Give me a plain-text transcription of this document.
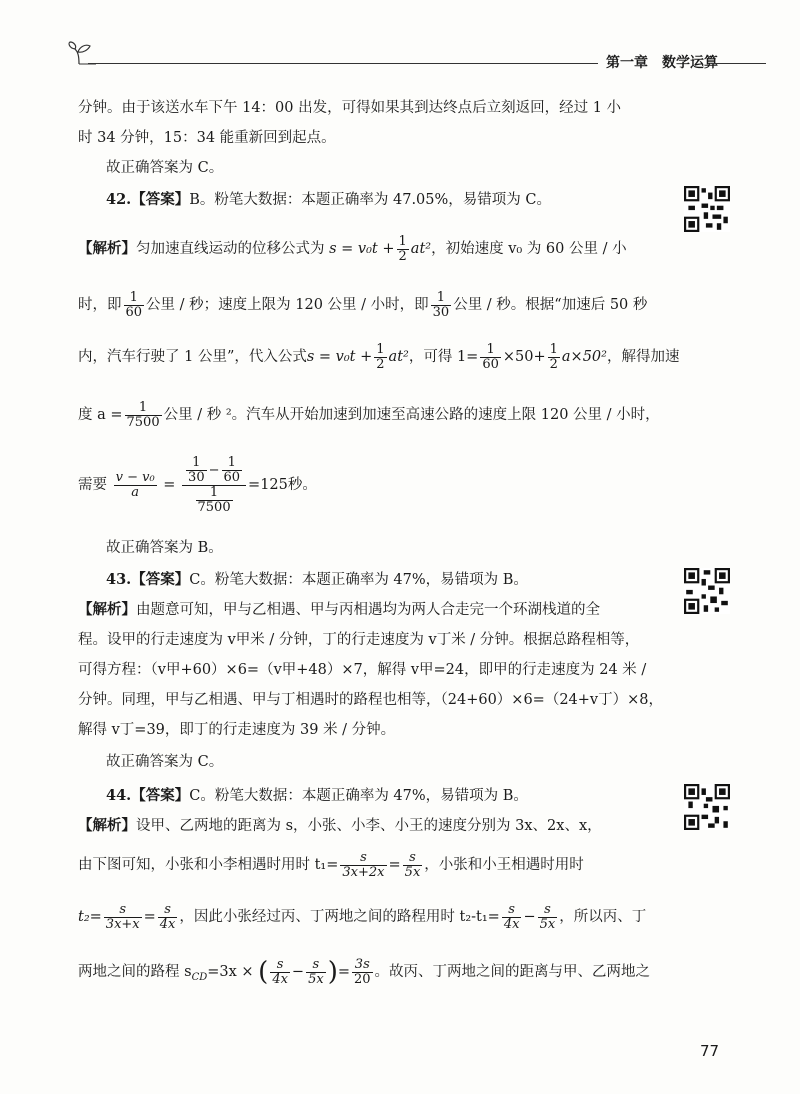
第一章　数学运算
分钟。由于该送水车下午 14：00 出发，可得如果其到达终点后立刻返回，经过 1 小
时 34 分钟，15：34 能重新回到起点。
故正确答案为 C。
42.【答案】B。粉笔大数据：本题正确率为 47.05%，易错项为 C。
【解析】匀加速直线运动的位移公式为 $s = v_0t + \frac{1}{2} at^2$，初始速度 v₀ 为 60 公里 / 小
时，即 $\frac{1}{60}$ 公里 / 秒；速度上限为 120 公里 / 小时，即 $\frac{1}{30}$ 公里 / 秒。根据“加速后 50 秒
内，汽车行驶了 1 公里”，代入公式$s = v_0t + \frac{1}{2} at^2$，可得 $1= \frac{1}{60} \times 50+ \frac{1}{2} a\times 50^2$，解得加速
度 $a = \frac{1}{7500}$ 公里 / 秒 ²。汽车从开始加速到加速至高速公路的速度上限 120 公里 / 小时，
需要 $\frac{\text{v − v₀}}{a} = \frac{\frac{1}{30} - \frac{1}{60}}{\frac{1}{7500}} =125$秒。
故正确答案为 B。
43.【答案】C。粉笔大数据：本题正确率为 47%，易错项为 B。
【解析】由题意可知，甲与乙相遇、甲与丙相遇均为两人合走完一个环湖栈道的全
程。设甲的行走速度为 v甲米 / 分钟，丁的行走速度为 v丁米 / 分钟。根据总路程相等，
可得方程：（v甲+60）×6=（v甲+48）×7，解得 v甲=24，即甲的行走速度为 24 米 /
分钟。同理，甲与乙相遇、甲与丁相遇时的路程也相等，（24+60）×6=（24+v丁）×8，
解得 v丁=39，即丁的行走速度为 39 米 / 分钟。
故正确答案为 C。
44.【答案】C。粉笔大数据：本题正确率为 47%，易错项为 B。
【解析】设甲、乙两地的距离为 s，小张、小李、小王的速度分别为 3x、2x、x，
由下图可知，小张和小李相遇时用时 $t_1= \frac{s}{3x+2x} = \frac{s}{5x}$ ，小张和小王相遇时用时
$t_2= \frac{s}{3x+x} = \frac{s}{4x}$ ，因此小张经过丙、丁两地之间的路程用时 $t_2-t_1= \frac{s}{4x} - \frac{s}{5x}$ ，所以丙、丁
两地之间的路程 $s_{CD}=3x$ × ( $\frac{s}{4x} - \frac{s}{5x}$ )= $\frac{3s}{20}$ 。故丙、丁两地之间的距离与甲、乙两地之
77
